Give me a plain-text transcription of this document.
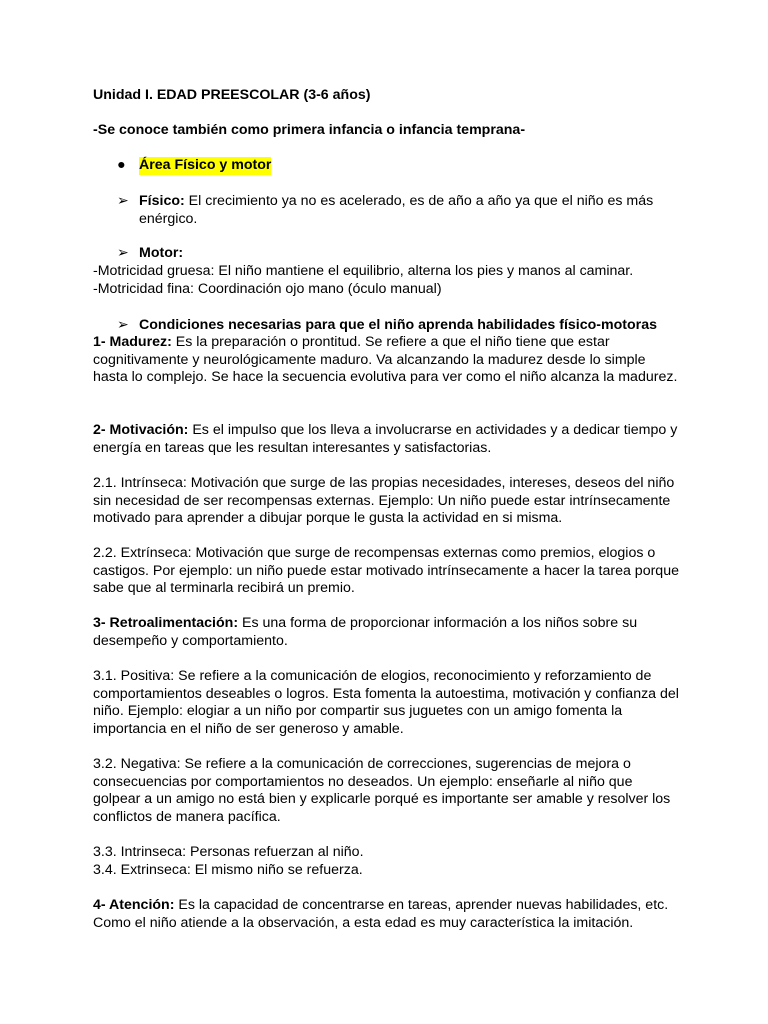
Unidad I. EDAD PREESCOLAR (3-6 años)
-Se conoce también como primera infancia o infancia temprana-
● Área Físico y motor
➢ Físico: El crecimiento ya no es acelerado, es de año a año ya que el niño es más enérgico.

➢ Motor:
-Motricidad gruesa: El niño mantiene el equilibrio, alterna los pies y manos al caminar.
-Motricidad fina: Coordinación ojo mano (óculo manual)
➢ Condiciones necesarias para que el niño aprenda habilidades físico-motoras

1- Madurez: Es la preparación o prontitud. Se refiere a que el niño tiene que estar cognitivamente y neurológicamente maduro. Va alcanzando la madurez desde lo simple hasta lo complejo. Se hace la secuencia evolutiva para ver como el niño alcanza la madurez.

2- Motivación: Es el impulso que los lleva a involucrarse en actividades y a dedicar tiempo y energía en tareas que les resultan interesantes y satisfactorias.

2.1. Intrínseca: Motivación que surge de las propias necesidades, intereses, deseos del niño sin necesidad de ser recompensas externas. Ejemplo: Un niño puede estar intrínsecamente motivado para aprender a dibujar porque le gusta la actividad en si misma.

2.2. Extrínseca: Motivación que surge de recompensas externas como premios, elogios o castigos. Por ejemplo: un niño puede estar motivado intrínsecamente a hacer la tarea porque sabe que al terminarla recibirá un premio.

3- Retroalimentación: Es una forma de proporcionar información a los niños sobre su desempeño y comportamiento.

3.1. Positiva: Se refiere a la comunicación de elogios, reconocimiento y reforzamiento de comportamientos deseables o logros. Esta fomenta la autoestima, motivación y confianza del niño. Ejemplo: elogiar a un niño por compartir sus juguetes con un amigo fomenta la importancia en el niño de ser generoso y amable.

3.2. Negativa: Se refiere a la comunicación de correcciones, sugerencias de mejora o consecuencias por comportamientos no deseados. Un ejemplo: enseñarle al niño que golpear a un amigo no está bien y explicarle porqué es importante ser amable y resolver los conflictos de manera pacífica.

3.3. Intrinseca: Personas refuerzan al niño.
3.4. Extrinseca: El mismo niño se refuerza.

4- Atención: Es la capacidad de concentrarse en tareas, aprender nuevas habilidades, etc. Como el niño atiende a la observación, a esta edad es muy característica la imitación.
